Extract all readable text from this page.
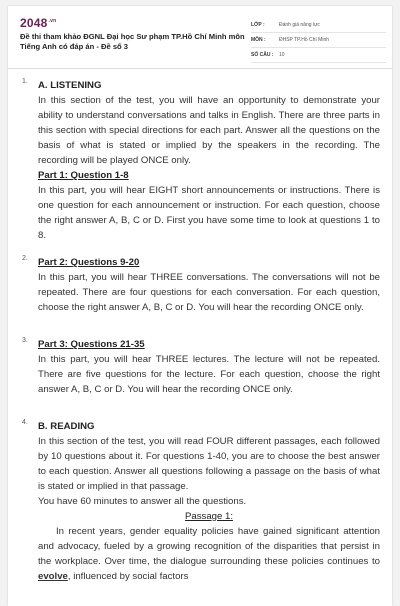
$2048^{.vn}$
Đề thi tham khảo ĐGNL Đại học Sư phạm TP.Hồ Chí Minh môn Tiếng Anh có đáp án - Đề số 3
LỚP :	Đánh giá năng lực
MÔN :	ĐHSP TP.Hồ Chí Minh
SỐ CÂU :	10
1. A. LISTENING

In this section of the test, you will have an opportunity to demonstrate your ability to understand conversations and talks in English. There are three parts in this section with special directions for each part. Answer all the questions on the basis of what is stated or implied by the speakers in the recording. The recording will be played ONCE only.

Part 1: Question 1-8

In this part, you will hear EIGHT short announcements or instructions. There is one question for each announcement or instruction. For each question, choose the right answer A, B, C or D. First you have some time to look at questions 1 to 8.

2. Part 2: Questions 9-20

In this part, you will hear THREE conversations. The conversations will not be repeated. There are four questions for each conversation. For each question, choose the right answer A, B, C or D. You will hear the recording ONCE only.

3. Part 3: Questions 21-35

In this part, you will hear THREE lectures. The lecture will not be repeated. There are five questions for the lecture. For each question, choose the right answer A, B, C or D. You will hear the recording ONCE only.

4. B. READING

In this section of the test, you will read FOUR different passages, each followed by 10 questions about it. For questions 1-40, you are to choose the best answer to each question. Answer all questions following a passage on the basis of what is stated or implied in that passage.

You have 60 minutes to answer all the questions.

Passage 1:

In recent years, gender equality policies have gained significant attention and advocacy, fueled by a growing recognition of the disparities that persist in the workplace. Over time, the dialogue surrounding these policies continues to evolve, influenced by social factors
